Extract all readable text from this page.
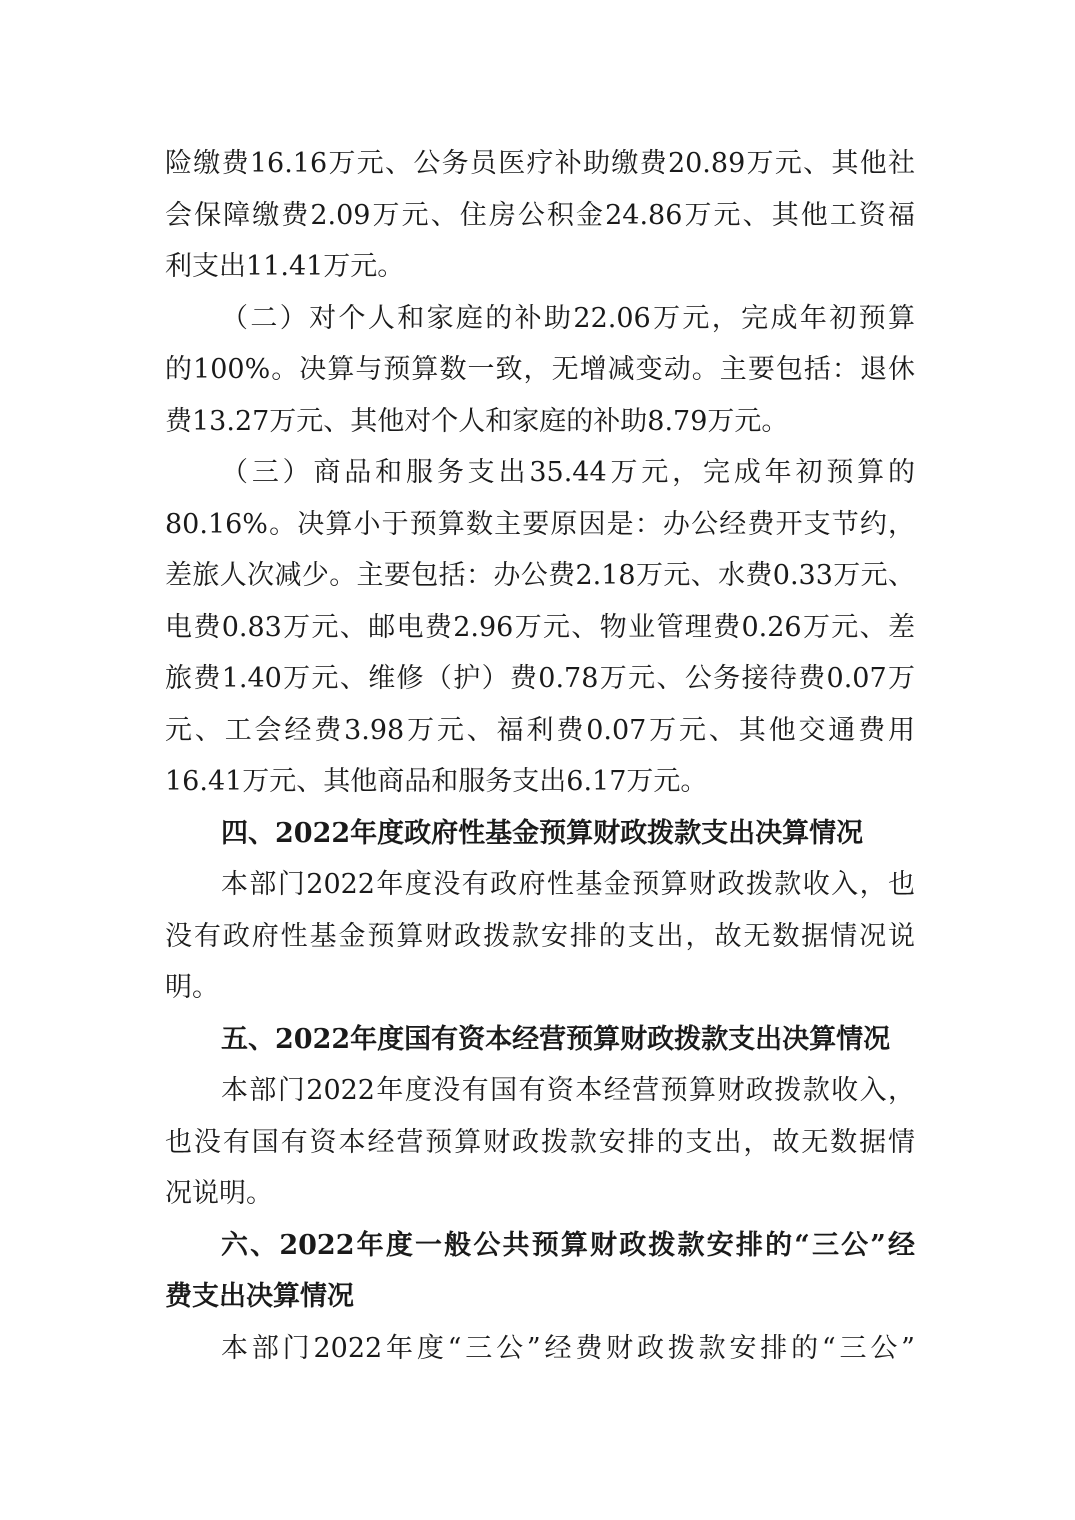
险缴费16.16万元、公务员医疗补助缴费20.89万元、其他社
会保障缴费2.09万元、住房公积金24.86万元、其他工资福
利支出11.41万元。
（二）对个人和家庭的补助22.06万元，完成年初预算
的100%。决算与预算数一致，无增减变动。主要包括：退休
费13.27万元、其他对个人和家庭的补助8.79万元。
（三）商品和服务支出35.44万元，完成年初预算的
80.16%。决算小于预算数主要原因是：办公经费开支节约，
差旅人次减少。主要包括：办公费2.18万元、水费0.33万元、
电费0.83万元、邮电费2.96万元、物业管理费0.26万元、差
旅费1.40万元、维修（护）费0.78万元、公务接待费0.07万
元、工会经费3.98万元、福利费0.07万元、其他交通费用
16.41万元、其他商品和服务支出6.17万元。
四、2022年度政府性基金预算财政拨款支出决算情况
本部门2022年度没有政府性基金预算财政拨款收入，也
没有政府性基金预算财政拨款安排的支出，故无数据情况说
明。
五、2022年度国有资本经营预算财政拨款支出决算情况
本部门2022年度没有国有资本经营预算财政拨款收入，
也没有国有资本经营预算财政拨款安排的支出，故无数据情
况说明。
六、2022年度一般公共预算财政拨款安排的“三公”经
费支出决算情况
本部门2022年度“三公”经费财政拨款安排的“三公”
